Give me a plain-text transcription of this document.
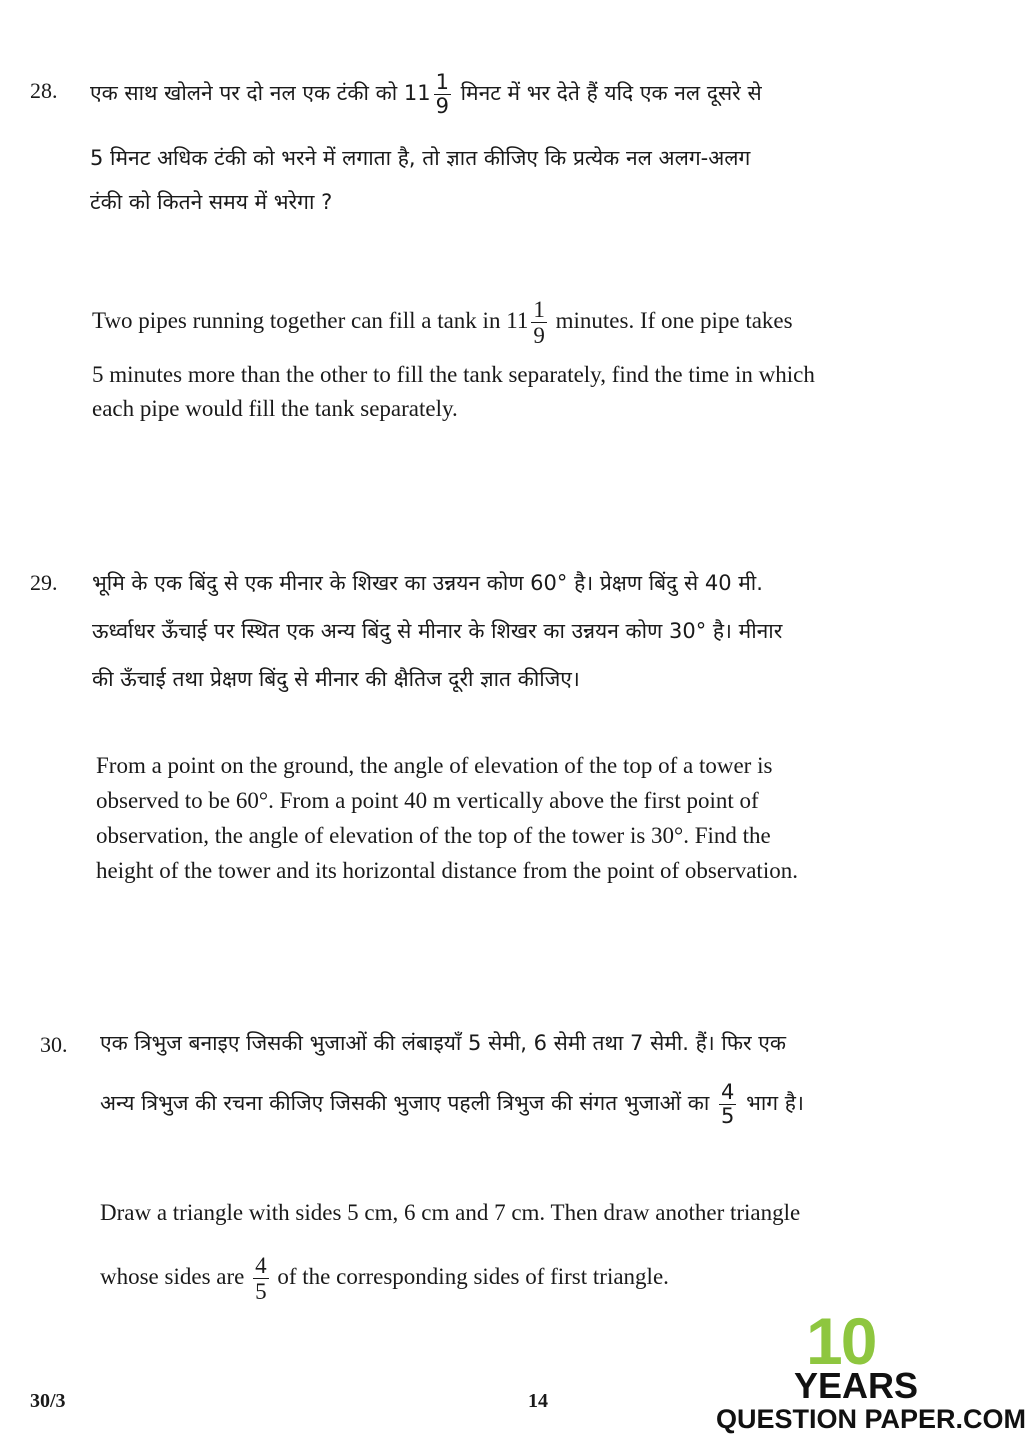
28. एक साथ खोलने पर दो नल एक टंकी को $11 \frac{1}{9}$ मिनट में भर देते हैं यदि एक नल दूसरे से
5 मिनट अधिक टंकी को भरने में लगाता है, तो ज्ञात कीजिए कि प्रत्येक नल अलग-अलग
टंकी को कितने समय में भरेगा ?
Two pipes running together can fill a tank in $11 \frac{1}{9}$ minutes. If one pipe takes
5 minutes more than the other to fill the tank separately, find the time in which
each pipe would fill the tank separately.
29. भूमि के एक बिंदु से एक मीनार के शिखर का उन्नयन कोण 60° है। प्रेक्षण बिंदु से 40 मी.
ऊर्ध्वाधर ऊँचाई पर स्थित एक अन्य बिंदु से मीनार के शिखर का उन्नयन कोण 30° है। मीनार
की ऊँचाई तथा प्रेक्षण बिंदु से मीनार की क्षैतिज दूरी ज्ञात कीजिए।
From a point on the ground, the angle of elevation of the top of a tower is
observed to be 60°. From a point 40 m vertically above the first point of
observation, the angle of elevation of the top of the tower is 30°. Find the
height of the tower and its horizontal distance from the point of observation.
30. एक त्रिभुज बनाइए जिसकी भुजाओं की लंबाइयाँ 5 सेमी, 6 सेमी तथा 7 सेमी. हैं। फिर एक
अन्य त्रिभुज की रचना कीजिए जिसकी भुजाए पहली त्रिभुज की संगत भुजाओं का $\frac{4}{5}$ भाग है।
Draw a triangle with sides 5 cm, 6 cm and 7 cm. Then draw another triangle
whose sides are $\frac{4}{5}$ of the corresponding sides of first triangle.
30/3	14
10
YEARS
QUESTION PAPER.COM
